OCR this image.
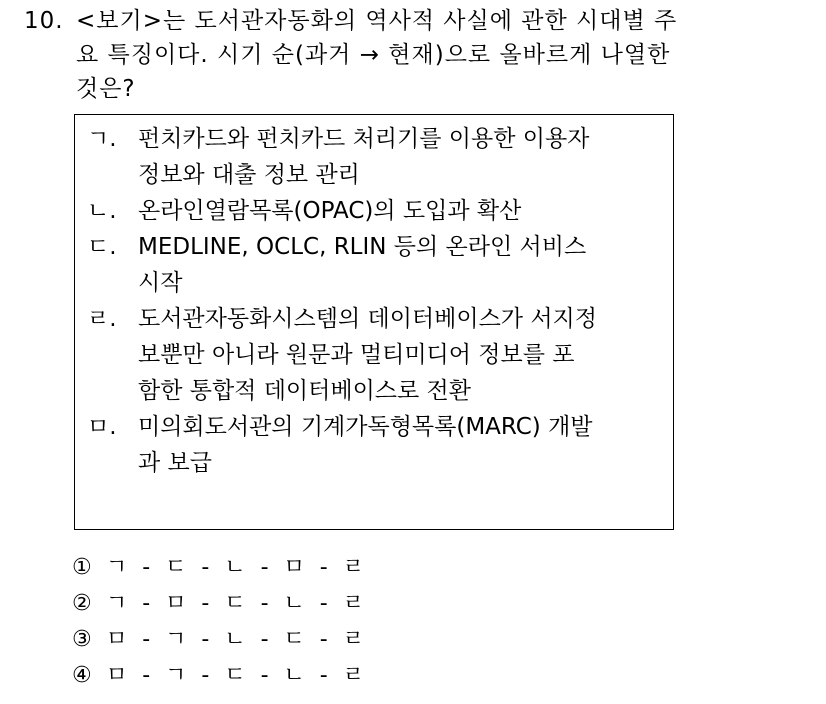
10. <보기>는 도서관자동화의 역사적 사실에 관한 시대별 주
요 특징이다. 시기 순(과거 → 현재)으로 올바르게 나열한
것은?
ㄱ. 펀치카드와 펀치카드 처리기를 이용한 이용자
정보와 대출 정보 관리
ㄴ. 온라인열람목록(OPAC)의 도입과 확산
ㄷ. MEDLINE, OCLC, RLIN 등의 온라인 서비스
시작
ㄹ. 도서관자동화시스템의 데이터베이스가 서지정
보뿐만 아니라 원문과 멀티미디어 정보를 포
함한 통합적 데이터베이스로 전환
ㅁ. 미의회도서관의 기계가독형목록(MARC) 개발
과 보급
① ㄱ - ㄷ - ㄴ - ㅁ - ㄹ
② ㄱ - ㅁ - ㄷ - ㄴ - ㄹ
③ ㅁ - ㄱ - ㄴ - ㄷ - ㄹ
④ ㅁ - ㄱ - ㄷ - ㄴ - ㄹ
